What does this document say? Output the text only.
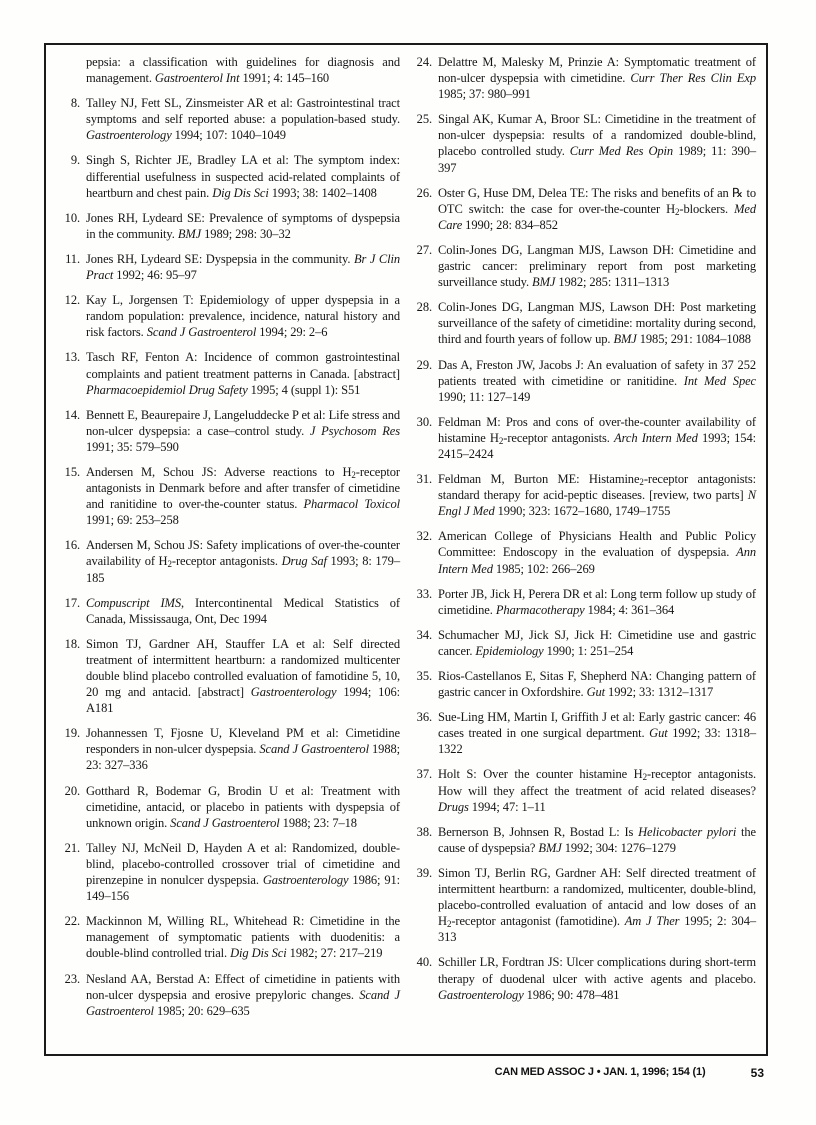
pepsia: a classification with guidelines for diagnosis and management. Gastroenterol Int 1991; 4: 145–160
8. Talley NJ, Fett SL, Zinsmeister AR et al: Gastrointestinal tract symptoms and self reported abuse: a population-based study. Gastroenterology 1994; 107: 1040–1049
9. Singh S, Richter JE, Bradley LA et al: The symptom index: differential usefulness in suspected acid-related complaints of heartburn and chest pain. Dig Dis Sci 1993; 38: 1402–1408
10. Jones RH, Lydeard SE: Prevalence of symptoms of dyspepsia in the community. BMJ 1989; 298: 30–32
11. Jones RH, Lydeard SE: Dyspepsia in the community. Br J Clin Pract 1992; 46: 95–97
12. Kay L, Jorgensen T: Epidemiology of upper dyspepsia in a random population: prevalence, incidence, natural history and risk factors. Scand J Gastroenterol 1994; 29: 2–6
13. Tasch RF, Fenton A: Incidence of common gastrointestinal complaints and patient treatment patterns in Canada. [abstract] Pharmacoepidemiol Drug Safety 1995; 4 (suppl 1): S51
14. Bennett E, Beaurepaire J, Langeluddecke P et al: Life stress and non-ulcer dyspepsia: a case–control study. J Psychosom Res 1991; 35: 579–590
15. Andersen M, Schou JS: Adverse reactions to $H_2$-receptor antagonists in Denmark before and after transfer of cimetidine and ranitidine to over-the-counter status. Pharmacol Toxicol 1991; 69: 253–258
16. Andersen M, Schou JS: Safety implications of over-the-counter availability of $H_2$-receptor antagonists. Drug Saf 1993; 8: 179–185
17. Compuscript IMS, Intercontinental Medical Statistics of Canada, Mississauga, Ont, Dec 1994
18. Simon TJ, Gardner AH, Stauffer LA et al: Self directed treatment of intermittent heartburn: a randomized multicenter double blind placebo controlled evaluation of famotidine 5, 10, 20 mg and antacid. [abstract] Gastroenterology 1994; 106: A181
19. Johannessen T, Fjosne U, Kleveland PM et al: Cimetidine responders in non-ulcer dyspepsia. Scand J Gastroenterol 1988; 23: 327–336
20. Gotthard R, Bodemar G, Brodin U et al: Treatment with cimetidine, antacid, or placebo in patients with dyspepsia of unknown origin. Scand J Gastroenterol 1988; 23: 7–18
21. Talley NJ, McNeil D, Hayden A et al: Randomized, double-blind, placebo-controlled crossover trial of cimetidine and pirenzepine in nonulcer dyspepsia. Gastroenterology 1986; 91: 149–156
22. Mackinnon M, Willing RL, Whitehead R: Cimetidine in the management of symptomatic patients with duodenitis: a double-blind controlled trial. Dig Dis Sci 1982; 27: 217–219
23. Nesland AA, Berstad A: Effect of cimetidine in patients with non-ulcer dyspepsia and erosive prepyloric changes. Scand J Gastroenterol 1985; 20: 629–635
24. Delattre M, Malesky M, Prinzie A: Symptomatic treatment of non-ulcer dyspepsia with cimetidine. Curr Ther Res Clin Exp 1985; 37: 980–991
25. Singal AK, Kumar A, Broor SL: Cimetidine in the treatment of non-ulcer dyspepsia: results of a randomized double-blind, placebo controlled study. Curr Med Res Opin 1989; 11: 390–397
26. Oster G, Huse DM, Delea TE: The risks and benefits of an ℞ to OTC switch: the case for over-the-counter $H_2$-blockers. Med Care 1990; 28: 834–852
27. Colin-Jones DG, Langman MJS, Lawson DH: Cimetidine and gastric cancer: preliminary report from post marketing surveillance study. BMJ 1982; 285: 1311–1313
28. Colin-Jones DG, Langman MJS, Lawson DH: Post marketing surveillance of the safety of cimetidine: mortality during second, third and fourth years of follow up. BMJ 1985; 291: 1084–1088
29. Das A, Freston JW, Jacobs J: An evaluation of safety in 37 252 patients treated with cimetidine or ranitidine. Int Med Spec 1990; 11: 127–149
30. Feldman M: Pros and cons of over-the-counter availability of histamine $H_2$-receptor antagonists. Arch Intern Med 1993; 154: 2415–2424
31. Feldman M, Burton ME: Histamine$_2$-receptor antagonists: standard therapy for acid-peptic diseases. [review, two parts] N Engl J Med 1990; 323: 1672–1680, 1749–1755
32. American College of Physicians Health and Public Policy Committee: Endoscopy in the evaluation of dyspepsia. Ann Intern Med 1985; 102: 266–269
33. Porter JB, Jick H, Perera DR et al: Long term follow up study of cimetidine. Pharmacotherapy 1984; 4: 361–364
34. Schumacher MJ, Jick SJ, Jick H: Cimetidine use and gastric cancer. Epidemiology 1990; 1: 251–254
35. Rios-Castellanos E, Sitas F, Shepherd NA: Changing pattern of gastric cancer in Oxfordshire. Gut 1992; 33: 1312–1317
36. Sue-Ling HM, Martin I, Griffith J et al: Early gastric cancer: 46 cases treated in one surgical department. Gut 1992; 33: 1318–1322
37. Holt S: Over the counter histamine $H_2$-receptor antagonists. How will they affect the treatment of acid related diseases? Drugs 1994; 47: 1–11
38. Bernerson B, Johnsen R, Bostad L: Is Helicobacter pylori the cause of dyspepsia? BMJ 1992; 304: 1276–1279
39. Simon TJ, Berlin RG, Gardner AH: Self directed treatment of intermittent heartburn: a randomized, multicenter, double-blind, placebo-controlled evaluation of antacid and low doses of an $H_2$-receptor antagonist (famotidine). Am J Ther 1995; 2: 304–313
40. Schiller LR, Fordtran JS: Ulcer complications during short-term therapy of duodenal ulcer with active agents and placebo. Gastroenterology 1986; 90: 478–481
CAN MED ASSOC J • JAN. 1, 1996; 154 (1)	53
